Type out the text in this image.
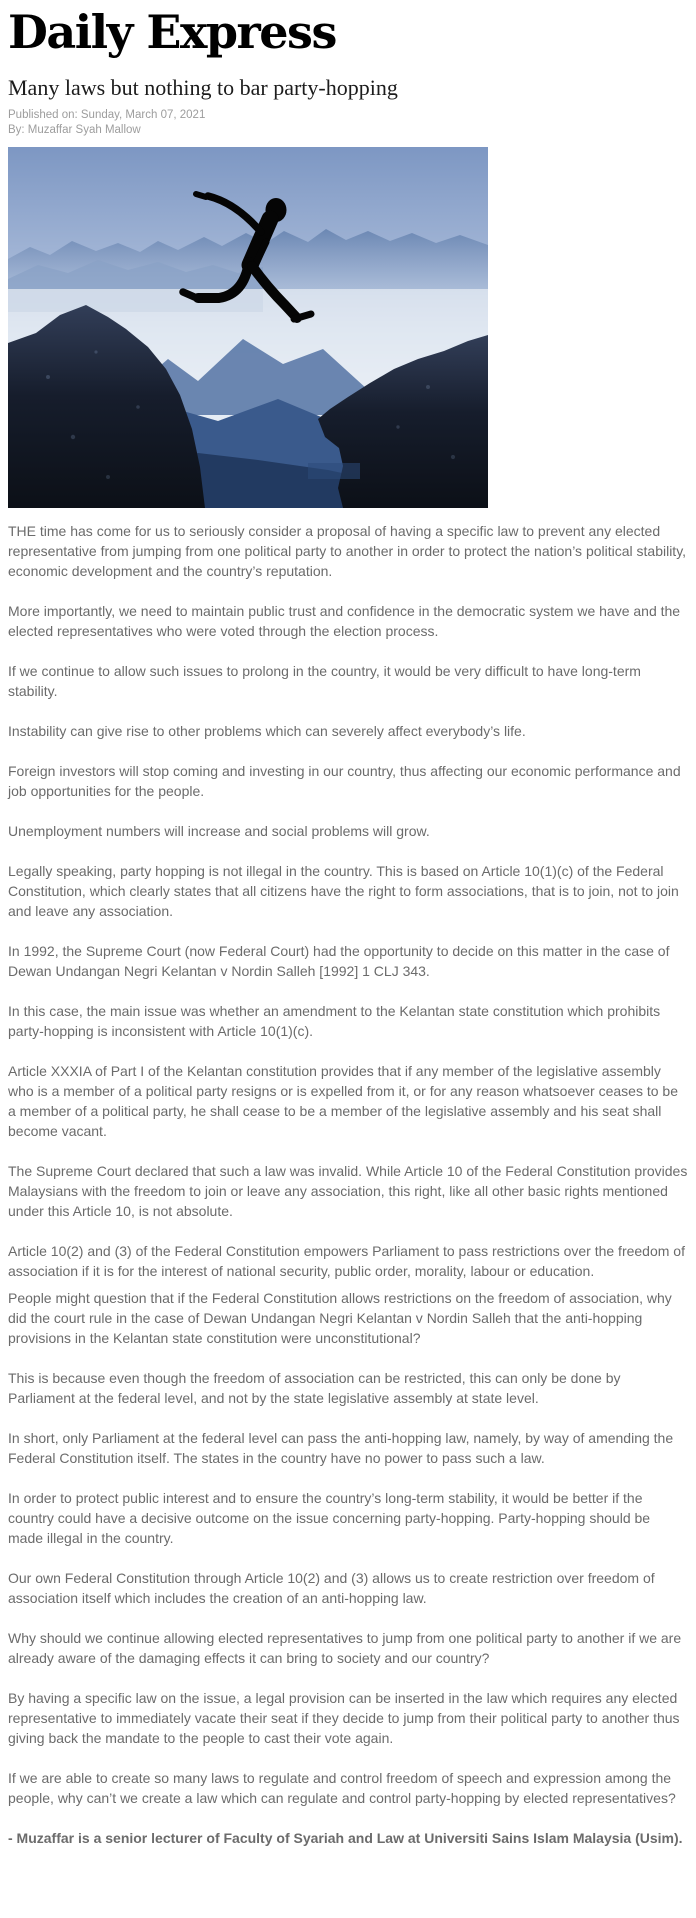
Daily Express
Many laws but nothing to bar party-hopping
Published on: Sunday, March 07, 2021
By: Muzaffar Syah Mallow

THE time has come for us to seriously consider a proposal of having a specific law to prevent any elected representative from jumping from one political party to another in order to protect the nation’s political stability, economic development and the country’s reputation.

More importantly, we need to maintain public trust and confidence in the democratic system we have and the elected representatives who were voted through the election process.

If we continue to allow such issues to prolong in the country, it would be very difficult to have long-term stability.

Instability can give rise to other problems which can severely affect everybody’s life.

Foreign investors will stop coming and investing in our country, thus affecting our economic performance and job opportunities for the people.

Unemployment numbers will increase and social problems will grow.

Legally speaking, party hopping is not illegal in the country. This is based on Article 10(1)(c) of the Federal Constitution, which clearly states that all citizens have the right to form associations, that is to join, not to join and leave any association.

In 1992, the Supreme Court (now Federal Court) had the opportunity to decide on this matter in the case of Dewan Undangan Negri Kelantan v Nordin Salleh [1992] 1 CLJ 343.

In this case, the main issue was whether an amendment to the Kelantan state constitution which prohibits party-hopping is inconsistent with Article 10(1)(c).

Article XXXIA of Part I of the Kelantan constitution provides that if any member of the legislative assembly who is a member of a political party resigns or is expelled from it, or for any reason whatsoever ceases to be a member of a political party, he shall cease to be a member of the legislative assembly and his seat shall become vacant.

The Supreme Court declared that such a law was invalid. While Article 10 of the Federal Constitution provides Malaysians with the freedom to join or leave any association, this right, like all other basic rights mentioned under this Article 10, is not absolute.

Article 10(2) and (3) of the Federal Constitution empowers Parliament to pass restrictions over the freedom of association if it is for the interest of national security, public order, morality, labour or education.

People might question that if the Federal Constitution allows restrictions on the freedom of association, why did the court rule in the case of Dewan Undangan Negri Kelantan v Nordin Salleh that the anti-hopping provisions in the Kelantan state constitution were unconstitutional?

This is because even though the freedom of association can be restricted, this can only be done by Parliament at the federal level, and not by the state legislative assembly at state level.

In short, only Parliament at the federal level can pass the anti-hopping law, namely, by way of amending the Federal Constitution itself. The states in the country have no power to pass such a law.

In order to protect public interest and to ensure the country’s long-term stability, it would be better if the country could have a decisive outcome on the issue concerning party-hopping. Party-hopping should be made illegal in the country.

Our own Federal Constitution through Article 10(2) and (3) allows us to create restriction over freedom of association itself which includes the creation of an anti-hopping law.

Why should we continue allowing elected representatives to jump from one political party to another if we are already aware of the damaging effects it can bring to society and our country?

By having a specific law on the issue, a legal provision can be inserted in the law which requires any elected representative to immediately vacate their seat if they decide to jump from their political party to another thus giving back the mandate to the people to cast their vote again.

If we are able to create so many laws to regulate and control freedom of speech and expression among the people, why can’t we create a law which can regulate and control party-hopping by elected representatives?

- Muzaffar is a senior lecturer of Faculty of Syariah and Law at Universiti Sains Islam Malaysia (Usim).
